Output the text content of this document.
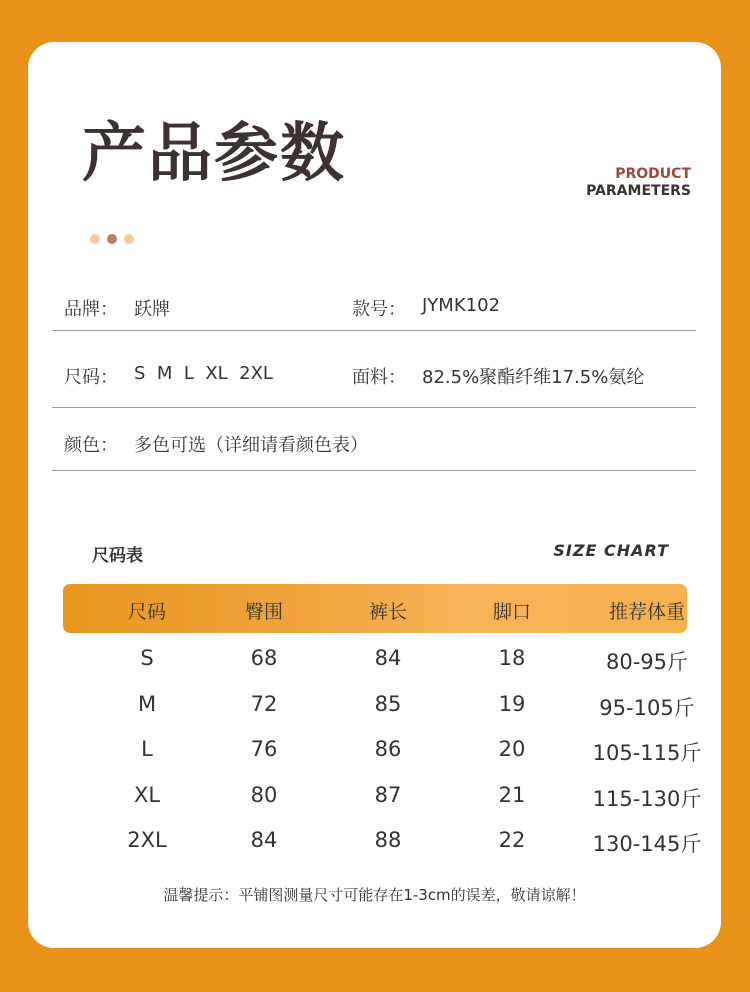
产品参数	PRODUCT
PARAMETERS
品牌： 跃牌	款号： JYMK102
尺码： S  M  L  XL  2XL	面料： 82.5%聚酯纤维17.5%氨纶
颜色： 多色可选（详细请看颜色表）
尺码表	SIZE CHART
尺码	臀围	裤长	脚口	推荐体重
S	68	84	18	80-95斤
M	72	85	19	95-105斤
L	76	86	20	105-115斤
XL	80	87	21	115-130斤
2XL	84	88	22	130-145斤
温馨提示：平铺图测量尺寸可能存在1-3cm的误差，敬请谅解！
